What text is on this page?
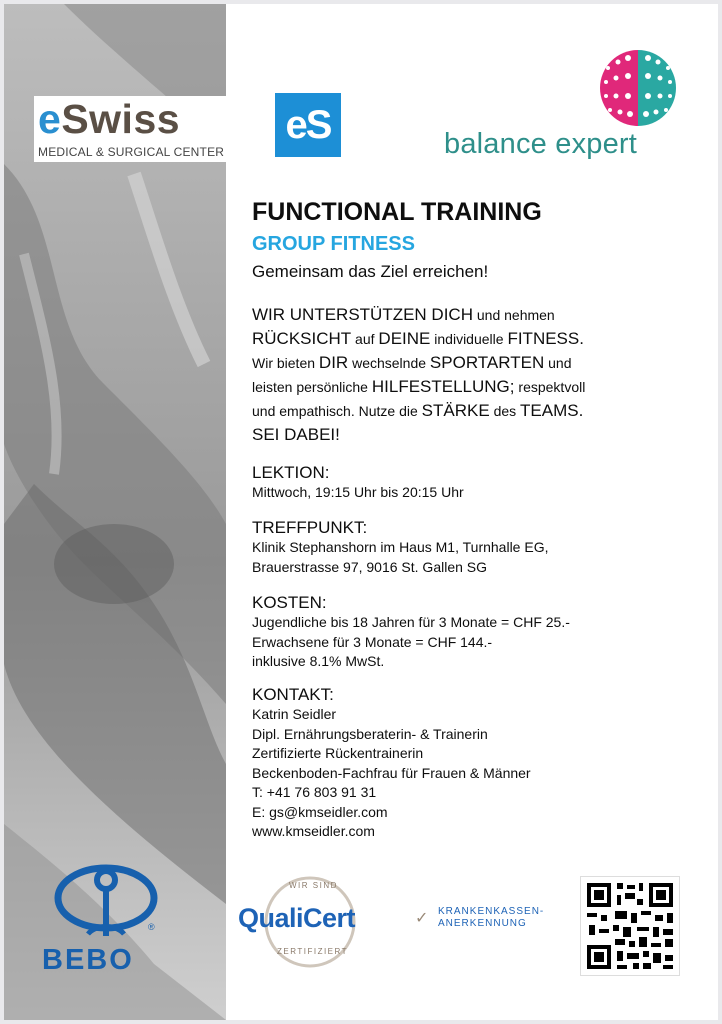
eSwiss
MEDICAL & SURGICAL CENTER
eS	balance expert
FUNCTIONAL TRAINING
GROUP FITNESS
Gemeinsam das Ziel erreichen!
WIR UNTERSTÜTZEN DICH und nehmen
RÜCKSICHT auf DEINE individuelle FITNESS.
Wir bieten DIR wechselnde SPORTARTEN und
leisten persönliche HILFESTELLUNG; respektvoll
und empathisch. Nutze die STÄRKE des TEAMS.
SEI DABEI!
LEKTION:
Mittwoch, 19:15 Uhr bis 20:15 Uhr
TREFFPUNKT:
Klinik Stephanshorn im Haus M1, Turnhalle EG,
Brauerstrasse 97, 9016 St. Gallen SG
KOSTEN:
Jugendliche bis 18 Jahren für 3 Monate = CHF 25.-
Erwachsene für 3 Monate = CHF 144.-
inklusive 8.1% MwSt.
KONTAKT:
Katrin Seidler
Dipl. Ernährungsberaterin- & Trainerin
Zertifizierte Rückentrainerin
Beckenboden-Fachfrau für Frauen & Männer
T: +41 76 803 91 31
E: gs@kmseidler.com
www.kmseidler.com
BEBO
®
WIR SIND
QualiCert
ZERTIFIZIERT
✓ KRANKENKASSEN-
ANERKENNUNG
